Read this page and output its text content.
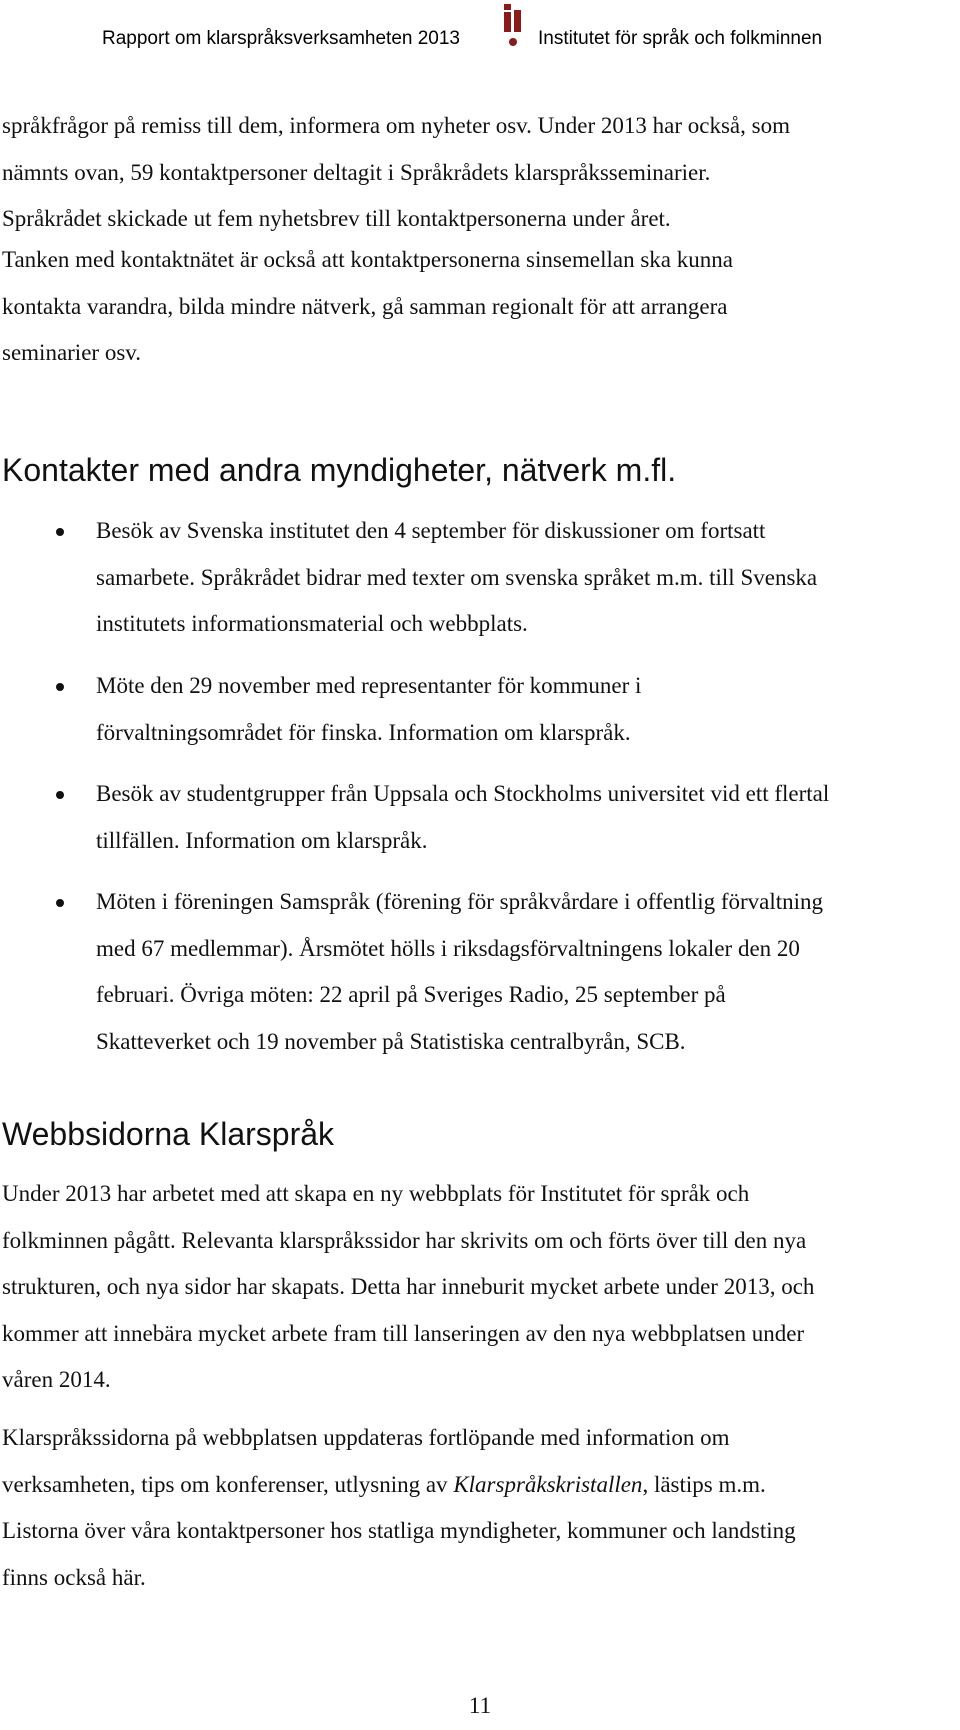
Rapport om klarspråksverksamheten 2013	Institutet för språk och folkminnen

språkfrågor på remiss till dem, informera om nyheter osv. Under 2013 har också, som
nämnts ovan, 59 kontaktpersoner deltagit i Språkrådets klarspråksseminarier.
Språkrådet skickade ut fem nyhetsbrev till kontaktpersonerna under året.

Tanken med kontaktnätet är också att kontaktpersonerna sinsemellan ska kunna
kontakta varandra, bilda mindre nätverk, gå samman regionalt för att arrangera
seminarier osv.

Kontakter med andra myndigheter, nätverk m.fl.

Besök av Svenska institutet den 4 september för diskussioner om fortsatt
samarbete. Språkrådet bidrar med texter om svenska språket m.m. till Svenska
institutets informationsmaterial och webbplats.

Möte den 29 november med representanter för kommuner i
förvaltningsområdet för finska. Information om klarspråk.

Besök av studentgrupper från Uppsala och Stockholms universitet vid ett flertal
tillfällen. Information om klarspråk.

Möten i föreningen Samspråk (förening för språkvårdare i offentlig förvaltning
med 67 medlemmar). Årsmötet hölls i riksdagsförvaltningens lokaler den 20
februari. Övriga möten: 22 april på Sveriges Radio, 25 september på
Skatteverket och 19 november på Statistiska centralbyrån, SCB.

Webbsidorna Klarspråk

Under 2013 har arbetet med att skapa en ny webbplats för Institutet för språk och
folkminnen pågått. Relevanta klarspråkssidor har skrivits om och förts över till den nya
strukturen, och nya sidor har skapats. Detta har inneburit mycket arbete under 2013, och
kommer att innebära mycket arbete fram till lanseringen av den nya webbplatsen under
våren 2014.

Klarspråkssidorna på webbplatsen uppdateras fortlöpande med information om
verksamheten, tips om konferenser, utlysning av Klarspråkskristallen, lästips m.m.
Listorna över våra kontaktpersoner hos statliga myndigheter, kommuner och landsting
finns också här.

11
